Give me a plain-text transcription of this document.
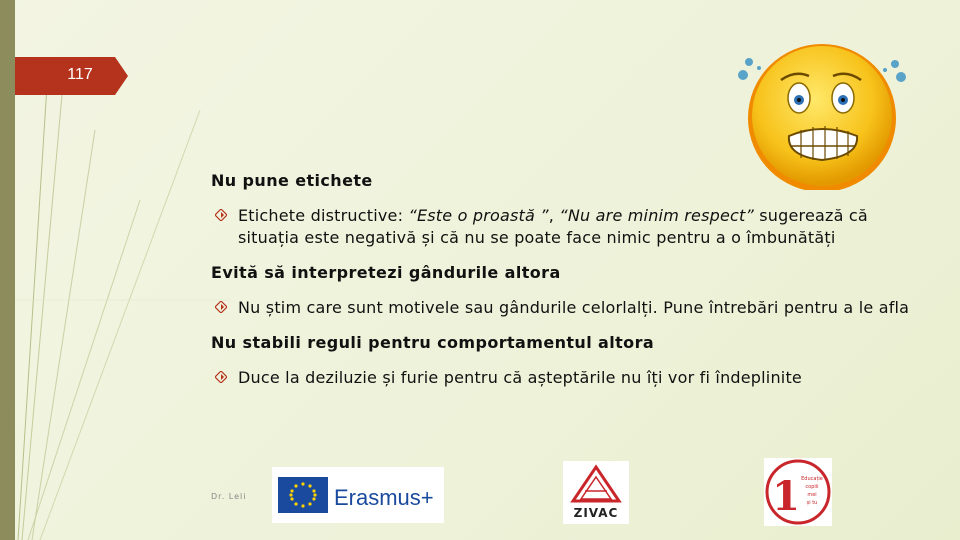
117

Nu pune etichete

Etichete distructive: “Este o proastă ”, “Nu are minim respect” sugerează că situația este negativă și că nu se poate face nimic pentru a o îmbunătăți

Evită să interpretezi gândurile altora

Nu știm care sunt motivele sau gândurile celorlalți. Pune întrebări pentru a le afla

Nu stabili reguli pentru comportamentul altora

Duce la deziluzie și furie pentru că așteptările nu îți vor fi îndeplinite
Dr. Leli	Erasmus+
ZIVAC	1 Educație
copiii
mei
și tu
